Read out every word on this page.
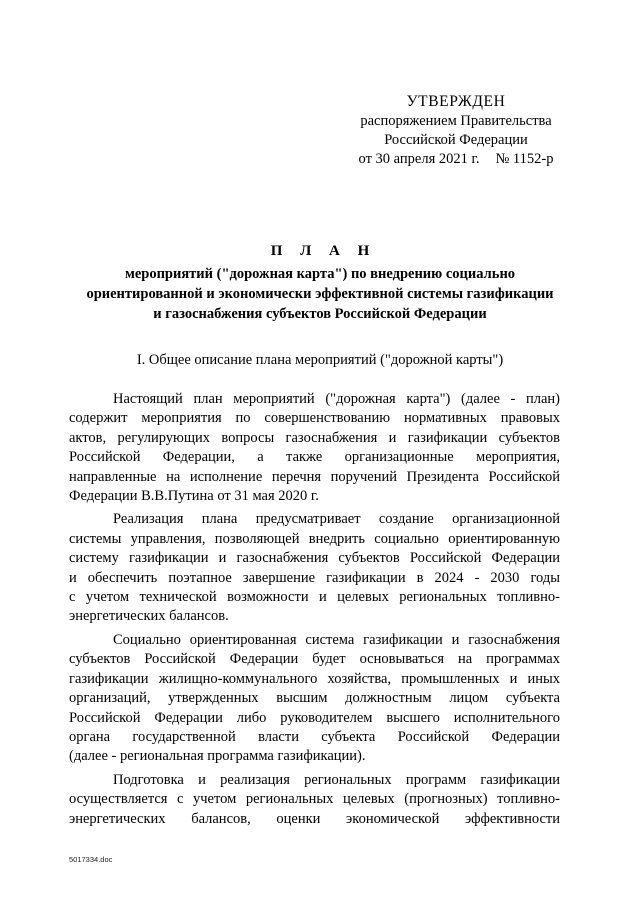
УТВЕРЖДЕН
распоряжением Правительства
Российской Федерации
от 30 апреля 2021 г. № 1152-р
П Л А Н
мероприятий ("дорожная карта") по внедрению социально
ориентированной и экономически эффективной системы газификации
и газоснабжения субъектов Российской Федерации
I. Общее описание плана мероприятий ("дорожной карты")
Настоящий план мероприятий ("дорожная карта") (далее - план)
содержит мероприятия по совершенствованию нормативных правовых
актов, регулирующих вопросы газоснабжения и газификации субъектов
Российской Федерации, а также организационные мероприятия,
направленные на исполнение перечня поручений Президента Российской
Федерации В.В.Путина от 31 мая 2020 г.
Реализация плана предусматривает создание организационной
системы управления, позволяющей внедрить социально ориентированную
систему газификации и газоснабжения субъектов Российской Федерации
и обеспечить поэтапное завершение газификации в 2024 - 2030 годы
с учетом технической возможности и целевых региональных топливно-
энергетических балансов.
Социально ориентированная система газификации и газоснабжения
субъектов Российской Федерации будет основываться на программах
газификации жилищно-коммунального хозяйства, промышленных и иных
организаций, утвержденных высшим должностным лицом субъекта
Российской Федерации либо руководителем высшего исполнительного
органа государственной власти субъекта Российской Федерации
(далее - региональная программа газификации).
Подготовка и реализация региональных программ газификации
осуществляется с учетом региональных целевых (прогнозных) топливно-
энергетических балансов, оценки экономической эффективности
5017334.doc
